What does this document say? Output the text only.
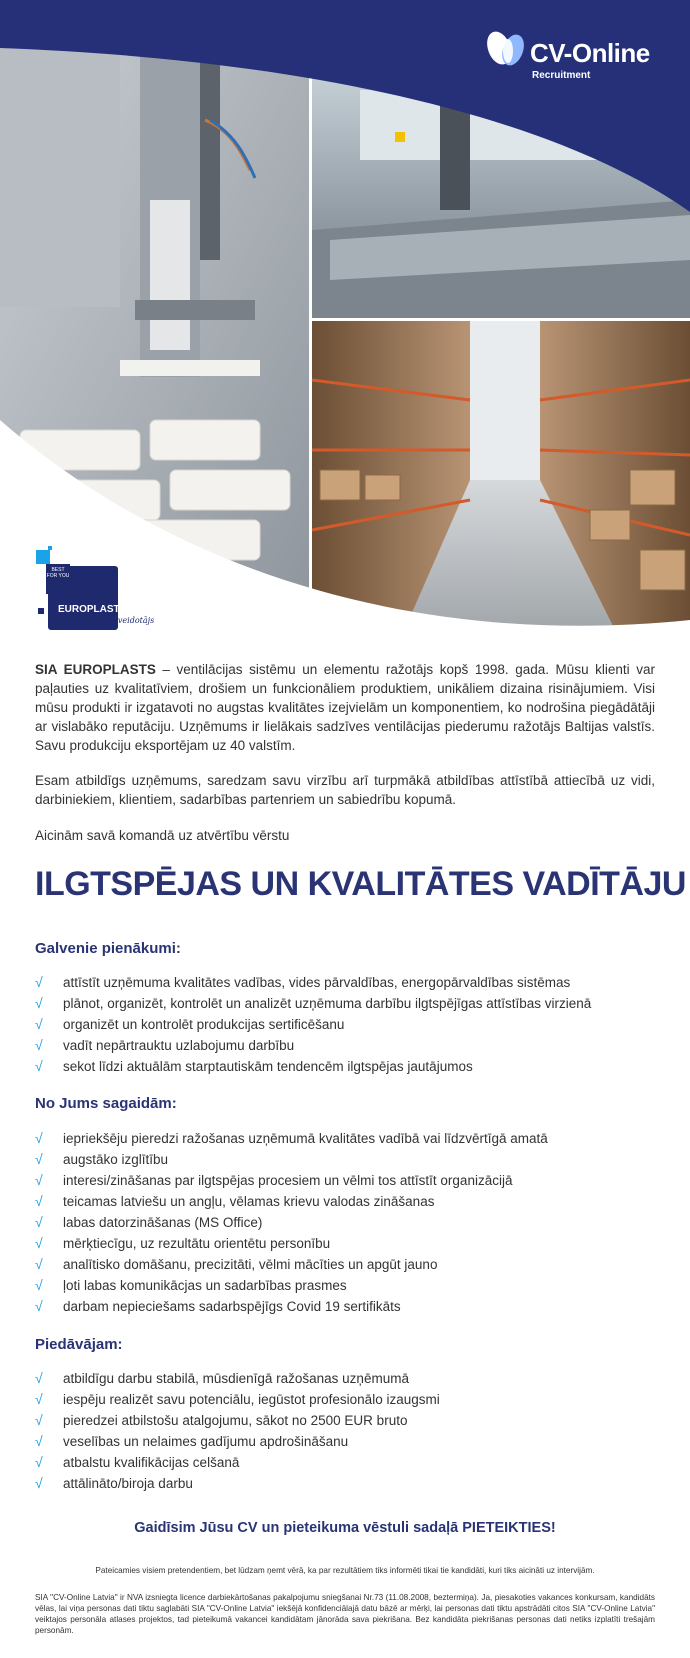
CV-Online
Recruitment
BEST FOR YOU
EUROPLAST
elpo bien veidotājs

SIA EUROPLASTS – ventilācijas sistēmu un elementu ražotājs kopš 1998. gada. Mūsu klienti var paļauties uz kvalitatīviem, drošiem un funkcionāliem produktiem, unikāliem dizaina risinājumiem. Visi mūsu produkti ir izgatavoti no augstas kvalitātes izejvielām un komponentiem, ko nodrošina piegādātāji ar vislabāko reputāciju. Uzņēmums ir lielākais sadzīves ventilācijas piederumu ražotājs Baltijas valstīs. Savu produkciju eksportējam uz 40 valstīm.

Esam atbildīgs uzņēmums, saredzam savu virzību arī turpmākā atbildības attīstībā attiecībā uz vidi, darbiniekiem, klientiem, sadarbības partenriem un sabiedrību kopumā.

Aicinām savā komandā uz atvērtību vērstu

ILGTSPĒJAS UN KVALITĀTES VADĪTĀJU
Galvenie pienākumi:
√ attīstīt uzņēmuma kvalitātes vadības, vides pārvaldības, energopārvaldības sistēmas
√ plānot, organizēt, kontrolēt un analizēt uzņēmuma darbību ilgtspējīgas attīstības virzienā
√ organizēt un kontrolēt produkcijas sertificēšanu
√ vadīt nepārtrauktu uzlabojumu darbību
√ sekot līdzi aktuālām starptautiskām tendencēm ilgtspējas jautājumos
No Jums sagaidām:
√ iepriekšēju pieredzi ražošanas uzņēmumā kvalitātes vadībā vai līdzvērtīgā amatā
√ augstāko izglītību
√ interesi/zināšanas par ilgtspējas procesiem un vēlmi tos attīstīt organizācijā
√ teicamas latviešu un angļu, vēlamas krievu valodas zināšanas
√ labas datorzināšanas (MS Office)
√ mērķtiecīgu, uz rezultātu orientētu personību
√ analītisko domāšanu, precizitāti, vēlmi mācīties un apgūt jauno
√ ļoti labas komunikācjas un sadarbības prasmes
√ darbam nepieciešams sadarbspējīgs Covid 19 sertifikāts
Piedāvājam:
√ atbildīgu darbu stabilā, mūsdienīgā ražošanas uzņēmumā
√ iespēju realizēt savu potenciālu, iegūstot profesionālo izaugsmi
√ pieredzei atbilstošu atalgojumu, sākot no 2500 EUR bruto
√ veselības un nelaimes gadījumu apdrošināšanu
√ atbalstu kvalifikācijas celšanā
√ attālināto/biroja darbu
Gaidīsim Jūsu CV un pieteikuma vēstuli sadaļā PIETEIKTIES!
Pateicamies visiem pretendentiem, bet lūdzam ņemt vērā, ka par rezultātiem tiks informēti tikai tie kandidāti, kuri tiks aicināti uz intervijām.
SIA "CV-Online Latvia" ir NVA izsniegta licence darbiekārtošanas pakalpojumu sniegšanai Nr.73 (11.08.2008, beztermiņa). Ja, piesakoties vakances konkursam, kandidāts vēlas, lai viņa personas dati tiktu saglabāti SIA "CV-Online Latvia" iekšējā konfidenciālajā datu bāzē ar mērķi, lai personas dati tiktu apstrādāti citos SIA "CV-Online Latvia" veiktajos personāla atlases projektos, tad pieteikumā vakancei kandidātam jānorāda sava piekrišana. Bez kandidāta piekrišanas personas dati netiks izplatīti trešajām personām.
